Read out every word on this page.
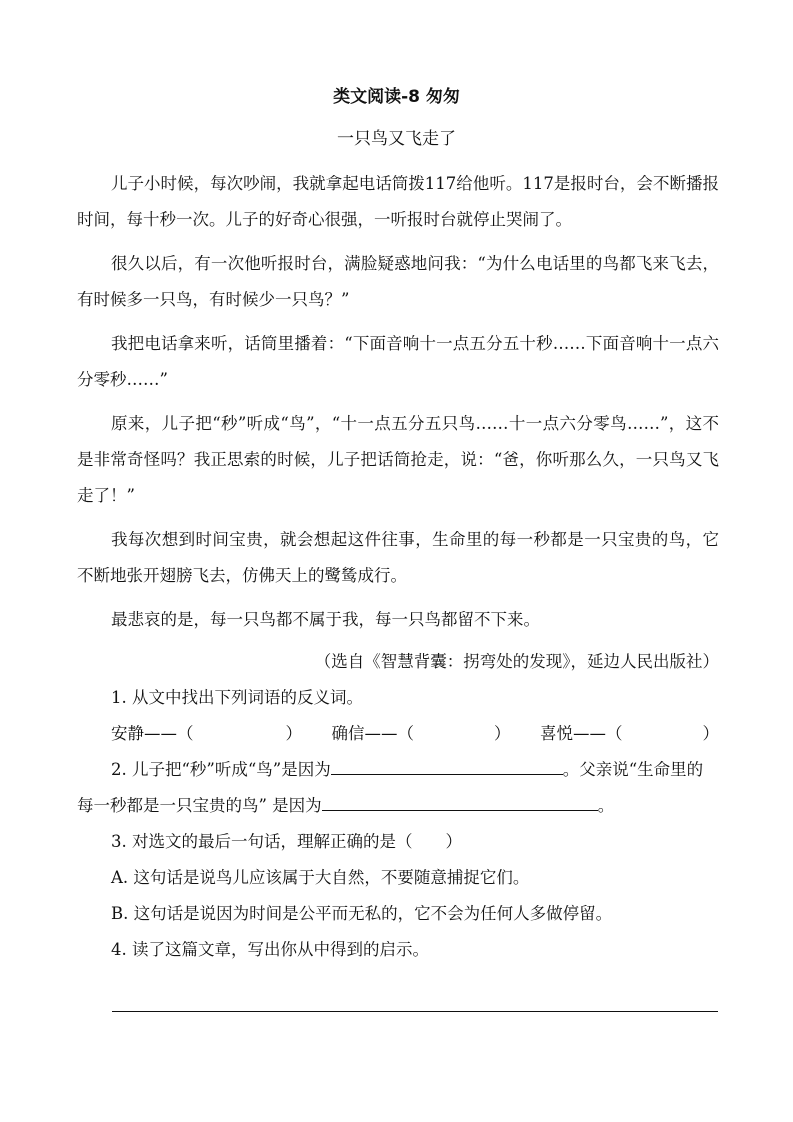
类文阅读-8 匆匆
一只鸟又飞走了

儿子小时候，每次吵闹，我就拿起电话筒拨117给他听。117是报时台，会不断播报时间，每十秒一次。儿子的好奇心很强，一听报时台就停止哭闹了。

很久以后，有一次他听报时台，满脸疑惑地问我：“为什么电话里的鸟都飞来飞去，有时候多一只鸟，有时候少一只鸟？”

我把电话拿来听，话筒里播着：“下面音响十一点五分五十秒……下面音响十一点六分零秒……”

原来，儿子把“秒”听成“鸟”，“十一点五分五只鸟……十一点六分零鸟……”，这不是非常奇怪吗？我正思索的时候，儿子把话筒抢走，说：“爸，你听那么久，一只鸟又飞走了！”

我每次想到时间宝贵，就会想起这件往事，生命里的每一秒都是一只宝贵的鸟，它不断地张开翅膀飞去，仿佛天上的鹭鸶成行。

最悲哀的是，每一只鸟都不属于我，每一只鸟都留不下来。

（选自《智慧背囊：拐弯处的发现》，延边人民出版社）

1. 从文中找出下列词语的反义词。

安静——（	） 确信——（	） 喜悦——（	）

2. 儿子把“秒”听成“鸟”是因为	。父亲说“生命里的每一秒都是一只宝贵的鸟” 是因为	。

3. 对选文的最后一句话，理解正确的是（　　）

A. 这句话是说鸟儿应该属于大自然，不要随意捕捉它们。

B. 这句话是说因为时间是公平而无私的，它不会为任何人多做停留。

4. 读了这篇文章，写出你从中得到的启示。
